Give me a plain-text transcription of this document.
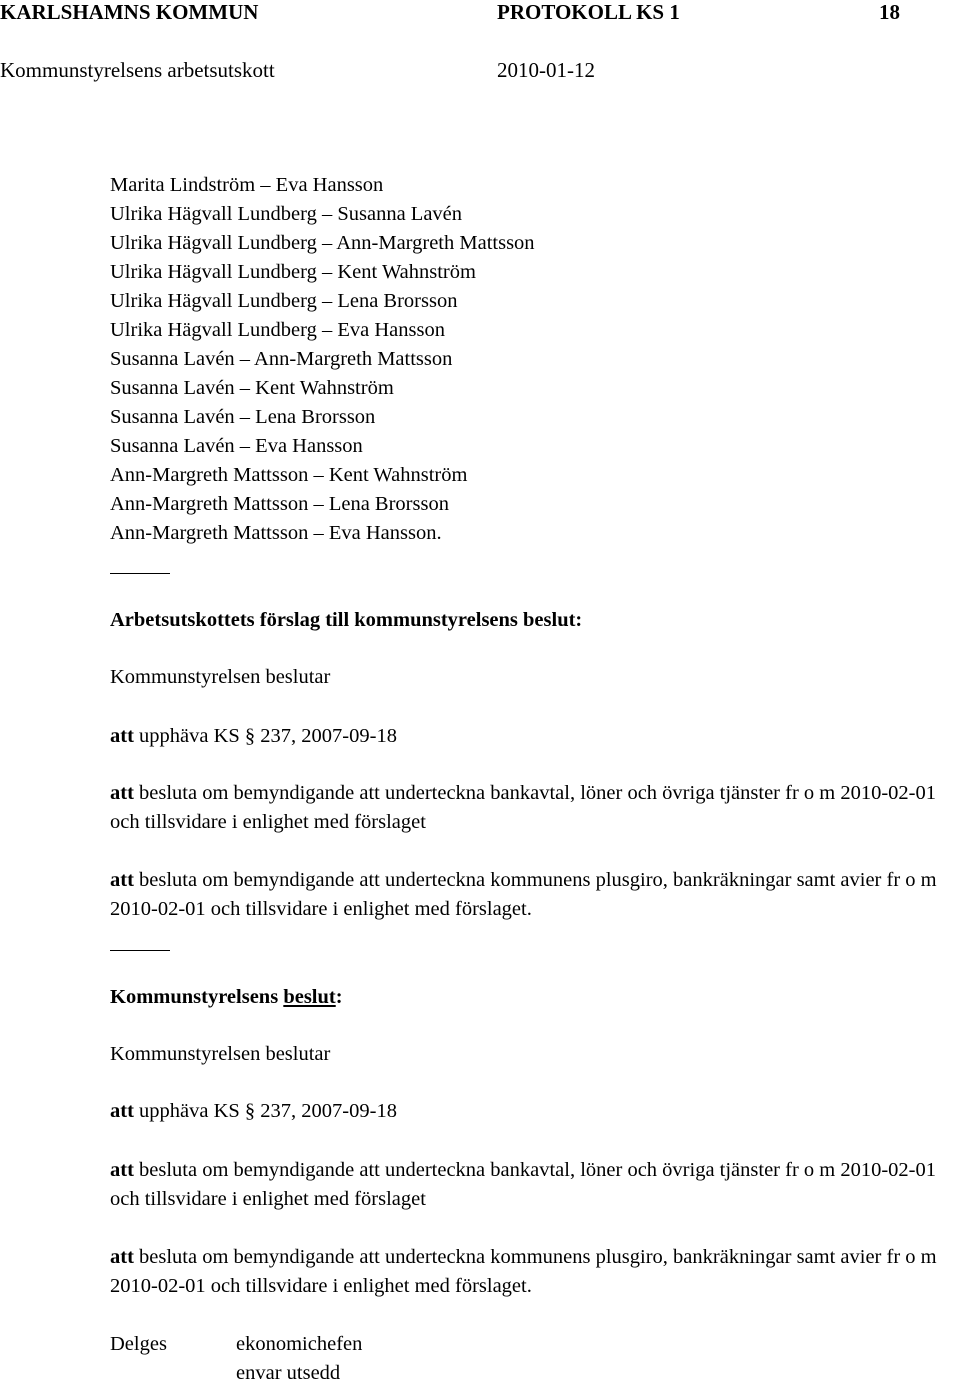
KARLSHAMNS KOMMUN	PROTOKOLL KS 1	18
Kommunstyrelsens arbetsutskott	2010-01-12
Marita Lindström – Eva Hansson
Ulrika Hägvall Lundberg – Susanna Lavén
Ulrika Hägvall Lundberg – Ann-Margreth Mattsson
Ulrika Hägvall Lundberg – Kent Wahnström
Ulrika Hägvall Lundberg – Lena Brorsson
Ulrika Hägvall Lundberg – Eva Hansson
Susanna Lavén – Ann-Margreth Mattsson
Susanna Lavén – Kent Wahnström
Susanna Lavén – Lena Brorsson
Susanna Lavén – Eva Hansson
Ann-Margreth Mattsson – Kent Wahnström
Ann-Margreth Mattsson – Lena Brorsson
Ann-Margreth Mattsson – Eva Hansson.
Arbetsutskottets förslag till kommunstyrelsens beslut:
Kommunstyrelsen beslutar
att upphäva KS § 237, 2007-09-18
att besluta om bemyndigande att underteckna bankavtal, löner och övriga tjänster fr o m 2010-02-01 och tillsvidare i enlighet med förslaget
att besluta om bemyndigande att underteckna kommunens plusgiro, bankräkningar samt avier fr o m 2010-02-01 och tillsvidare i enlighet med förslaget.
Kommunstyrelsens beslut:
Kommunstyrelsen beslutar
att upphäva KS § 237, 2007-09-18
att besluta om bemyndigande att underteckna bankavtal, löner och övriga tjänster fr o m 2010-02-01 och tillsvidare i enlighet med förslaget
att besluta om bemyndigande att underteckna kommunens plusgiro, bankräkningar samt avier fr o m 2010-02-01 och tillsvidare i enlighet med förslaget.
Delges	ekonomichefen
envar utsedd
